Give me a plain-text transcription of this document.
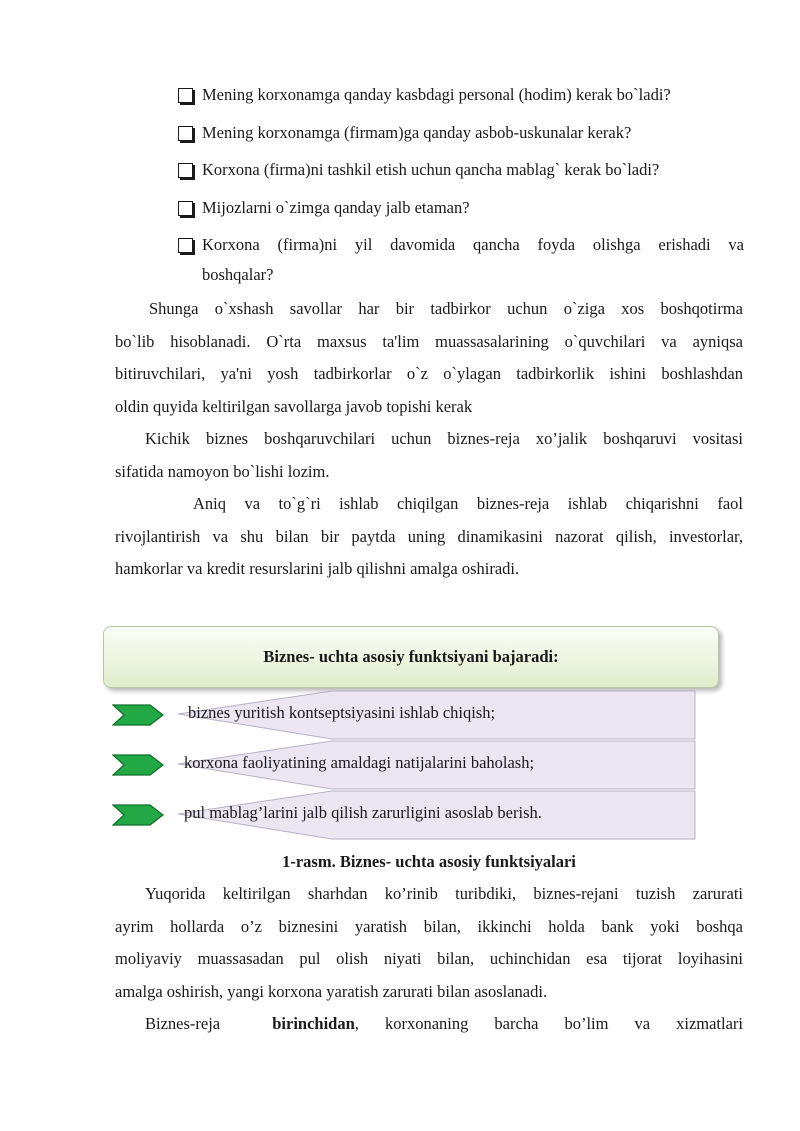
Mening korxonamga qanday kasbdagi personal (hodim) kerak bo`ladi?
Mening korxonamga (firmam)ga qanday asbob-uskunalar kerak?
Korxona (firma)ni tashkil etish uchun qancha mablag` kerak bo`ladi?
Mijozlarni o`zimga qanday jalb etaman?
Korxona (firma)ni yil davomida qancha foyda olishga erishadi va
boshqalar?
Shunga o`xshash savollar har bir tadbirkor uchun o`ziga xos boshqotirma
bo`lib hisoblanadi. O`rta maxsus ta'lim muassasalarining o`quvchilari va ayniqsa
bitiruvchilari, ya'ni yosh tadbirkorlar o`z o`ylagan tadbirkorlik ishini boshlashdan
oldin quyida keltirilgan savollarga javob topishi kerak
Kichik biznes boshqaruvchilari uchun biznes-reja xo’jalik boshqaruvi vositasi
sifatida namoyon bo`lishi lozim.
Aniq va to`g`ri ishlab chiqilgan biznes-reja ishlab chiqarishni faol
rivojlantirish va shu bilan bir paytda uning dinamikasini nazorat qilish, investorlar,
hamkorlar va kredit resurslarini jalb qilishni amalga oshiradi.
Biznes- uchta asosiy funktsiyani bajaradi:
biznes yuritish kontseptsiyasini ishlab chiqish;
korxona faoliyatining amaldagi natijalarini baholash;
pul mablag’larini jalb qilish zarurligini asoslab berish.
1-rasm. Biznes- uchta asosiy funktsiyalari
Yuqorida keltirilgan sharhdan ko’rinib turibdiki, biznes-rejani tuzish zarurati
ayrim hollarda o’z biznesini yaratish bilan, ikkinchi holda bank yoki boshqa
moliyaviy muassasadan pul olish niyati bilan, uchinchidan esa tijorat loyihasini
amalga oshirish, yangi korxona yaratish zarurati bilan asoslanadi.
Biznes-reja	birinchidan,  korxonaning  barcha  bo’lim  va  xizmatlari
